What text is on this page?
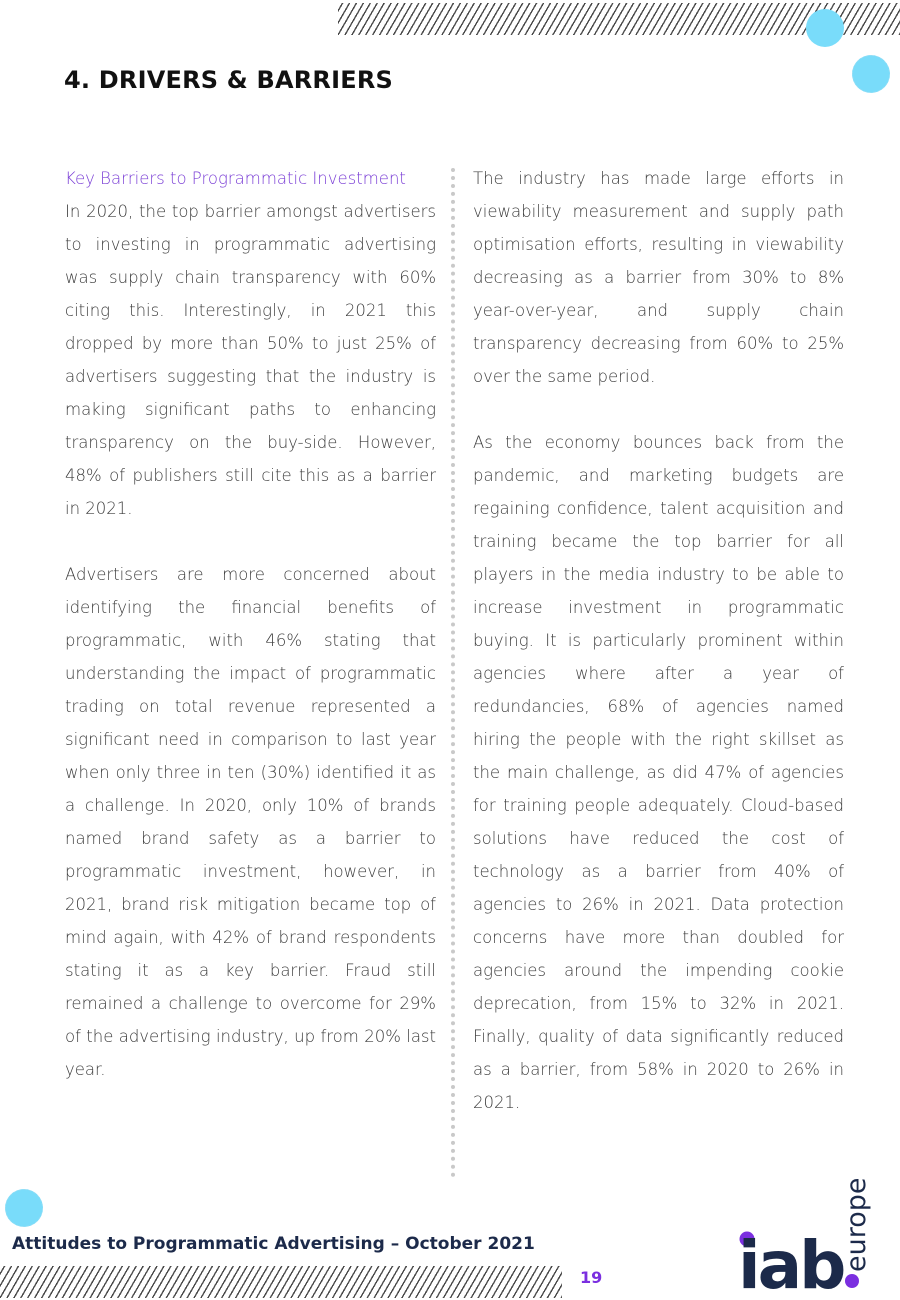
4. DRIVERS & BARRIERS
Key Barriers to Programmatic Investment

In 2020, the top barrier amongst advertisers to investing in programmatic advertising was supply chain transparency with 60% citing this. Interestingly, in 2021 this dropped by more than 50% to just 25% of advertisers suggesting that the industry is making significant paths to enhancing transparency on the buy-side. However, 48% of publishers still cite this as a barrier in 2021.

Advertisers are more concerned about identifying the financial benefits of programmatic, with 46% stating that understanding the impact of programmatic trading on total revenue represented a significant need in comparison to last year when only three in ten (30%) identified it as a challenge. In 2020, only 10% of brands named brand safety as a barrier to programmatic investment, however, in 2021, brand risk mitigation became top of mind again, with 42% of brand respondents stating it as a key barrier. Fraud still remained a challenge to overcome for 29% of the advertising industry, up from 20% last year.

The industry has made large efforts in viewability measurement and supply path optimisation efforts, resulting in viewability decreasing as a barrier from 30% to 8% year-over-year, and supply chain transparency decreasing from 60% to 25% over the same period.

As the economy bounces back from the pandemic, and marketing budgets are regaining confidence, talent acquisition and training became the top barrier for all players in the media industry to be able to increase investment in programmatic buying. It is particularly prominent within agencies where after a year of redundancies, 68% of agencies named hiring the people with the right skillset as the main challenge, as did 47% of agencies for training people adequately. Cloud-based solutions have reduced the cost of technology as a barrier from 40% of agencies to 26% in 2021. Data protection concerns have more than doubled for agencies around the impending cookie deprecation, from 15% to 32% in 2021. Finally, quality of data significantly reduced as a barrier, from 58% in 2020 to 26% in 2021.

Attitudes to Programmatic Advertising – October 2021
19 iab
europe
